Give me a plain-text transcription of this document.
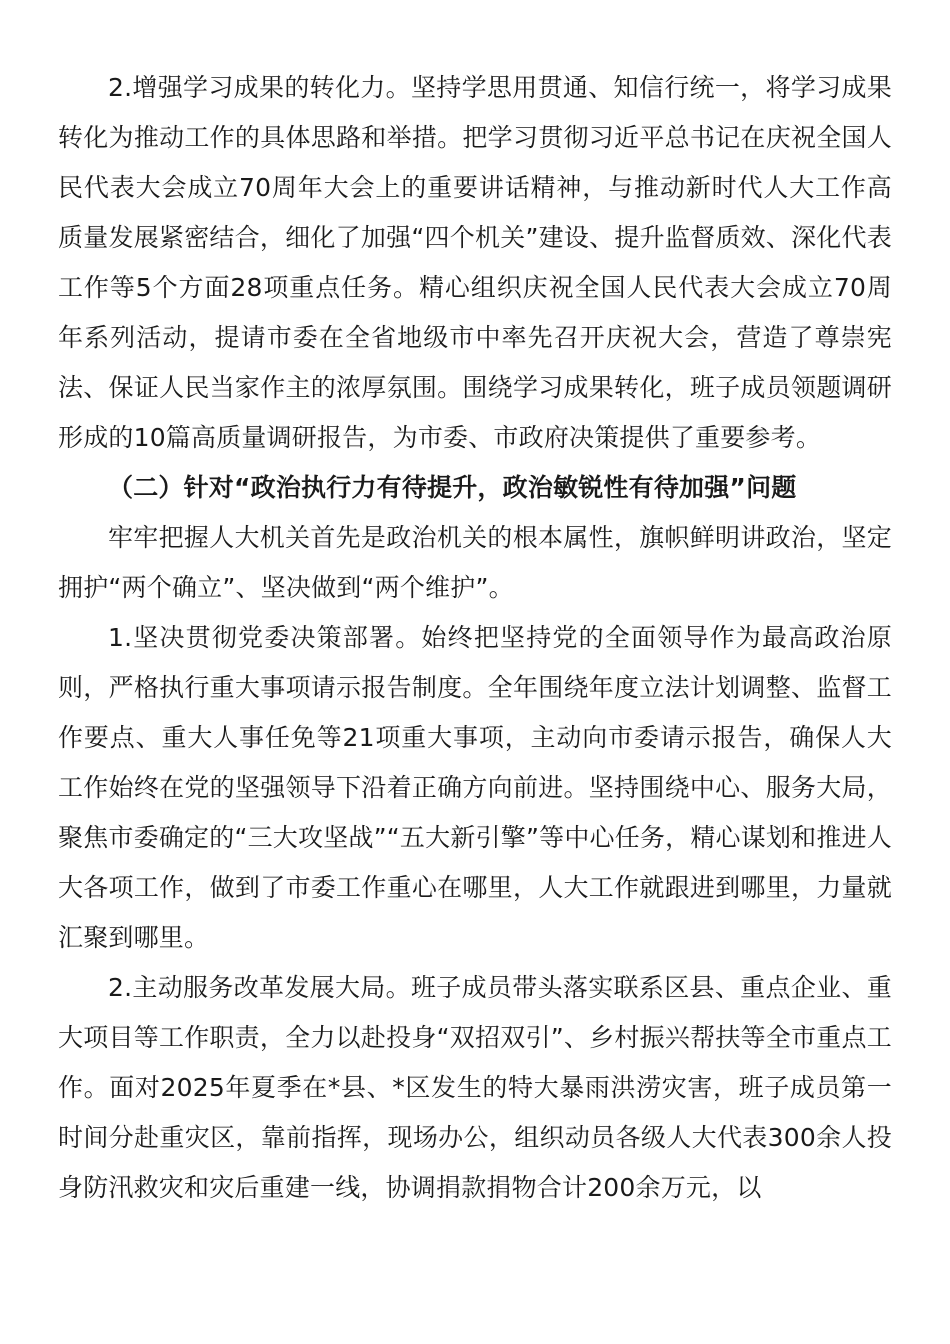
2.增强学习成果的转化力。坚持学思用贯通、知信行统一，将学习成果转化为推动工作的具体思路和举措。把学习贯彻习近平总书记在庆祝全国人民代表大会成立70周年大会上的重要讲话精神，与推动新时代人大工作高质量发展紧密结合，细化了加强“四个机关”建设、提升监督质效、深化代表工作等5个方面28项重点任务。精心组织庆祝全国人民代表大会成立70周年系列活动，提请市委在全省地级市中率先召开庆祝大会，营造了尊崇宪法、保证人民当家作主的浓厚氛围。围绕学习成果转化，班子成员领题调研形成的10篇高质量调研报告，为市委、市政府决策提供了重要参考。

（二）针对“政治执行力有待提升，政治敏锐性有待加强”问题

牢牢把握人大机关首先是政治机关的根本属性，旗帜鲜明讲政治，坚定拥护“两个确立”、坚决做到“两个维护”。

1.坚决贯彻党委决策部署。始终把坚持党的全面领导作为最高政治原则，严格执行重大事项请示报告制度。全年围绕年度立法计划调整、监督工作要点、重大人事任免等21项重大事项，主动向市委请示报告，确保人大工作始终在党的坚强领导下沿着正确方向前进。坚持围绕中心、服务大局，聚焦市委确定的“三大攻坚战”“五大新引擎”等中心任务，精心谋划和推进人大各项工作，做到了市委工作重心在哪里，人大工作就跟进到哪里，力量就汇聚到哪里。

2.主动服务改革发展大局。班子成员带头落实联系区县、重点企业、重大项目等工作职责，全力以赴投身“双招双引”、乡村振兴帮扶等全市重点工作。面对2025年夏季在*县、*区发生的特大暴雨洪涝灾害，班子成员第一时间分赴重灾区，靠前指挥，现场办公，组织动员各级人大代表300余人投身防汛救灾和灾后重建一线，协调捐款捐物合计200余万元，以
